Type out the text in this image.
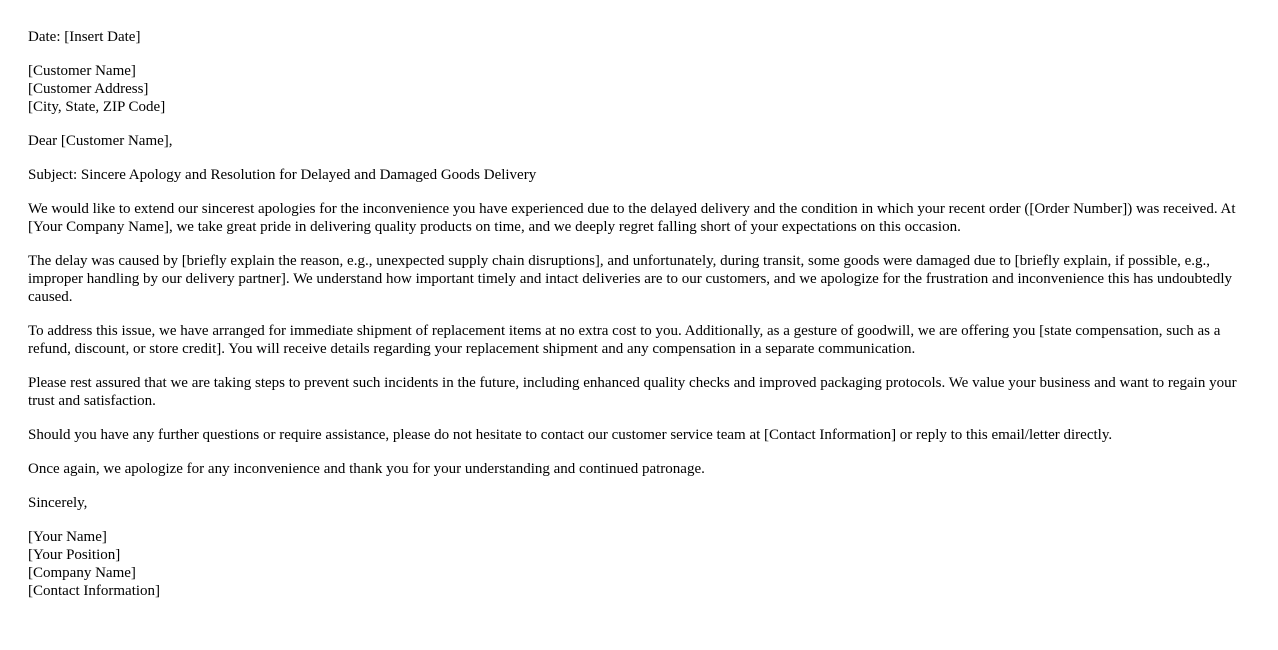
Date: [Insert Date]

[Customer Name]
[Customer Address]
[City, State, ZIP Code]

Dear [Customer Name],

Subject: Sincere Apology and Resolution for Delayed and Damaged Goods Delivery

We would like to extend our sincerest apologies for the inconvenience you have experienced due to the delayed delivery and the condition in which your recent order ([Order Number]) was received. At [Your Company Name], we take great pride in delivering quality products on time, and we deeply regret falling short of your expectations on this occasion.

The delay was caused by [briefly explain the reason, e.g., unexpected supply chain disruptions], and unfortunately, during transit, some goods were damaged due to [briefly explain, if possible, e.g., improper handling by our delivery partner]. We understand how important timely and intact deliveries are to our customers, and we apologize for the frustration and inconvenience this has undoubtedly caused.

To address this issue, we have arranged for immediate shipment of replacement items at no extra cost to you. Additionally, as a gesture of goodwill, we are offering you [state compensation, such as a refund, discount, or store credit]. You will receive details regarding your replacement shipment and any compensation in a separate communication.

Please rest assured that we are taking steps to prevent such incidents in the future, including enhanced quality checks and improved packaging protocols. We value your business and want to regain your trust and satisfaction.

Should you have any further questions or require assistance, please do not hesitate to contact our customer service team at [Contact Information] or reply to this email/letter directly.

Once again, we apologize for any inconvenience and thank you for your understanding and continued patronage.

Sincerely,

[Your Name]
[Your Position]
[Company Name]
[Contact Information]
